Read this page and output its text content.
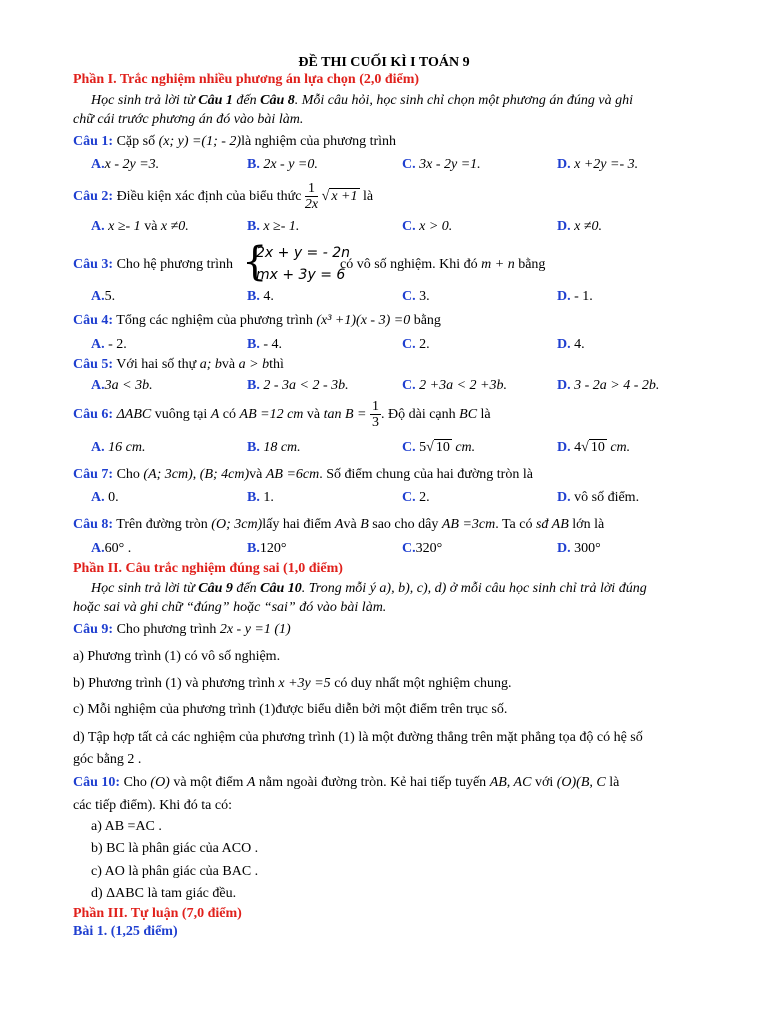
ĐỀ THI CUỐI KÌ I TOÁN 9
Phần I. Trắc nghiệm nhiều phương án lựa chọn (2,0 điểm)
Học sinh trả lời từ Câu 1 đến Câu 8. Mỗi câu hỏi, học sinh chỉ chọn một phương án đúng và ghi
chữ cái trước phương án đó vào bài làm.
Câu 1: Cặp số (x; y) =(1; - 2)là nghiệm của phương trình
A.x - 2y =3.	B. 2x - y =0.	C. 3x - 2y =1.	D. x +2y =- 3.
Câu 2: Điều kiện xác định của biểu thức $\frac{1}{2x}$ √ x +1 là
A. x ≥- 1 và x ≠0.	B. x ≥- 1.	C. x > 0.	D. x ≠0.
Câu 3: Cho hệ phương trình {
2x + y = - 2n
mx + 3y = 6
có vô số nghiệm. Khi đó m + n bằng
A.5.	B. 4.	C. 3.	D. - 1.
Câu 4: Tổng các nghiệm của phương trình (x³ +1)(x - 3) =0 bằng
A. - 2.	B. - 4.	C. 2.	D. 4.
Câu 5: Với hai số thự a; bvà a > bthì
A.3a < 3b.	B. 2 - 3a < 2 - 3b.	C. 2 +3a < 2 +3b.	D. 3 - 2a > 4 - 2b.
Câu 6: ΔABC vuông tại A có AB =12 cm và $\tan B = \frac{1}{3}$ . Độ dài cạnh BC là
A. 16 cm.	B. 18 cm.	C. 5√ 10 cm.	D. 4√ 10 cm.
Câu 7: Cho (A; 3cm), (B; 4cm)và AB =6cm. Số điểm chung của hai đường tròn là
A. 0.	B. 1.	C. 2.	D. vô số điểm.
Câu 8: Trên đường tròn (O; 3cm)lấy hai điểm Avà B sao cho dây AB =3cm. Ta có sđ AB lớn là
A.60° .	B.120°	C.320°	D. 300°
Phần II. Câu trắc nghiệm đúng sai (1,0 điểm)
Học sinh trả lời từ Câu 9 đến Câu 10. Trong mỗi ý a), b), c), d) ở mỗi câu học sinh chỉ trả lời đúng
hoặc sai và ghi chữ “đúng” hoặc “sai” đó vào bài làm.
Câu 9: Cho phương trình 2x - y =1 (1)
a) Phương trình (1) có vô số nghiệm.
b) Phương trình (1) và phương trình x +3y =5 có duy nhất một nghiệm chung.
c) Mỗi nghiệm của phương trình (1)được biểu diễn bởi một điểm trên trục số.
d) Tập hợp tất cả các nghiệm của phương trình (1) là một đường thẳng trên mặt phẳng tọa độ có hệ số
góc bằng 2 .
Câu 10: Cho (O) và một điểm A nằm ngoài đường tròn. Kẻ hai tiếp tuyến AB, AC với (O)(B, C là
các tiếp điểm). Khi đó ta có:
a) AB =AC .
b) BC là phân giác của ACO .
c) AO là phân giác của BAC .
d) ΔABC là tam giác đều.
Phần III. Tự luận (7,0 điểm)
Bài 1. (1,25 điểm)
